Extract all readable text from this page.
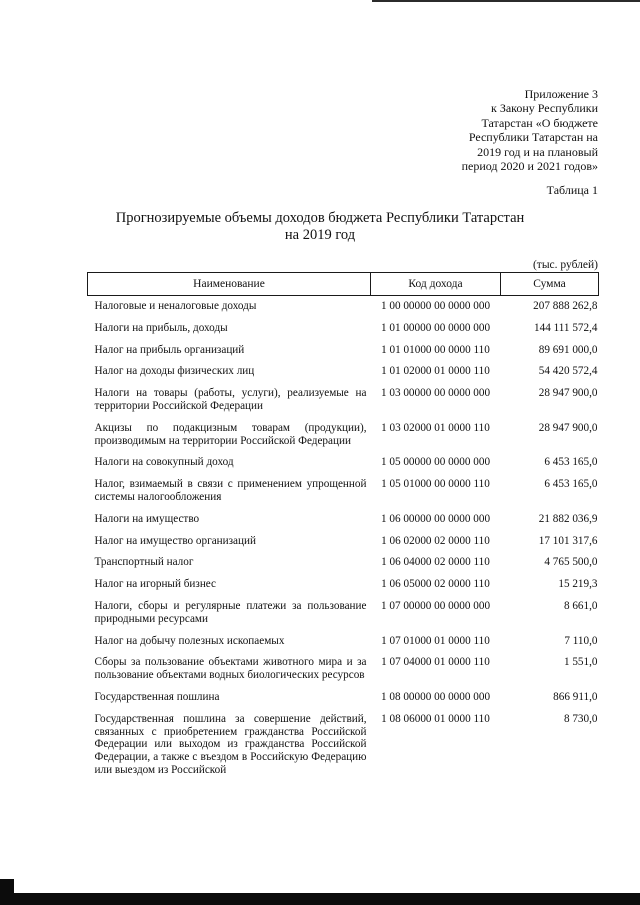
Приложение 3
к Закону Республики
Татарстан «О бюджете
Республики Татарстан на
2019 год и на плановый
период 2020 и 2021 годов»
Таблица 1
Прогнозируемые объемы доходов бюджета Республики Татарстан
на 2019 год
(тыс. рублей)
Наименование	Код дохода	Сумма
Налоговые и неналоговые доходы	1 00 00000 00 0000 000	207 888 262,8
Налоги на прибыль, доходы	1 01 00000 00 0000 000	144 111 572,4
Налог на прибыль организаций	1 01 01000 00 0000 110	89 691 000,0
Налог на доходы физических лиц	1 01 02000 01 0000 110	54 420 572,4
Налоги на товары (работы, услуги), реализуемые на территории Российской Федерации	1 03 00000 00 0000 000	28 947 900,0
Акцизы по подакцизным товарам (продукции), производимым на территории Российской Федерации	1 03 02000 01 0000 110	28 947 900,0
Налоги на совокупный доход	1 05 00000 00 0000 000	6 453 165,0
Налог, взимаемый в связи с применением упрощенной системы налогообложения	1 05 01000 00 0000 110	6 453 165,0
Налоги на имущество	1 06 00000 00 0000 000	21 882 036,9
Налог на имущество организаций	1 06 02000 02 0000 110	17 101 317,6
Транспортный налог	1 06 04000 02 0000 110	4 765 500,0
Налог на игорный бизнес	1 06 05000 02 0000 110	15 219,3
Налоги, сборы и регулярные платежи за пользование природными ресурсами	1 07 00000 00 0000 000	8 661,0
Налог на добычу полезных ископаемых	1 07 01000 01 0000 110	7 110,0
Сборы за пользование объектами животного мира и за пользование объектами водных биологических ресурсов	1 07 04000 01 0000 110	1 551,0
Государственная пошлина	1 08 00000 00 0000 000	866 911,0
Государственная пошлина за совершение действий, связанных с приобретением гражданства Российской Федерации или выходом из гражданства Российской Федерации, а также с въездом в Российскую Федерацию или выездом из Российской	1 08 06000 01 0000 110	8 730,0
